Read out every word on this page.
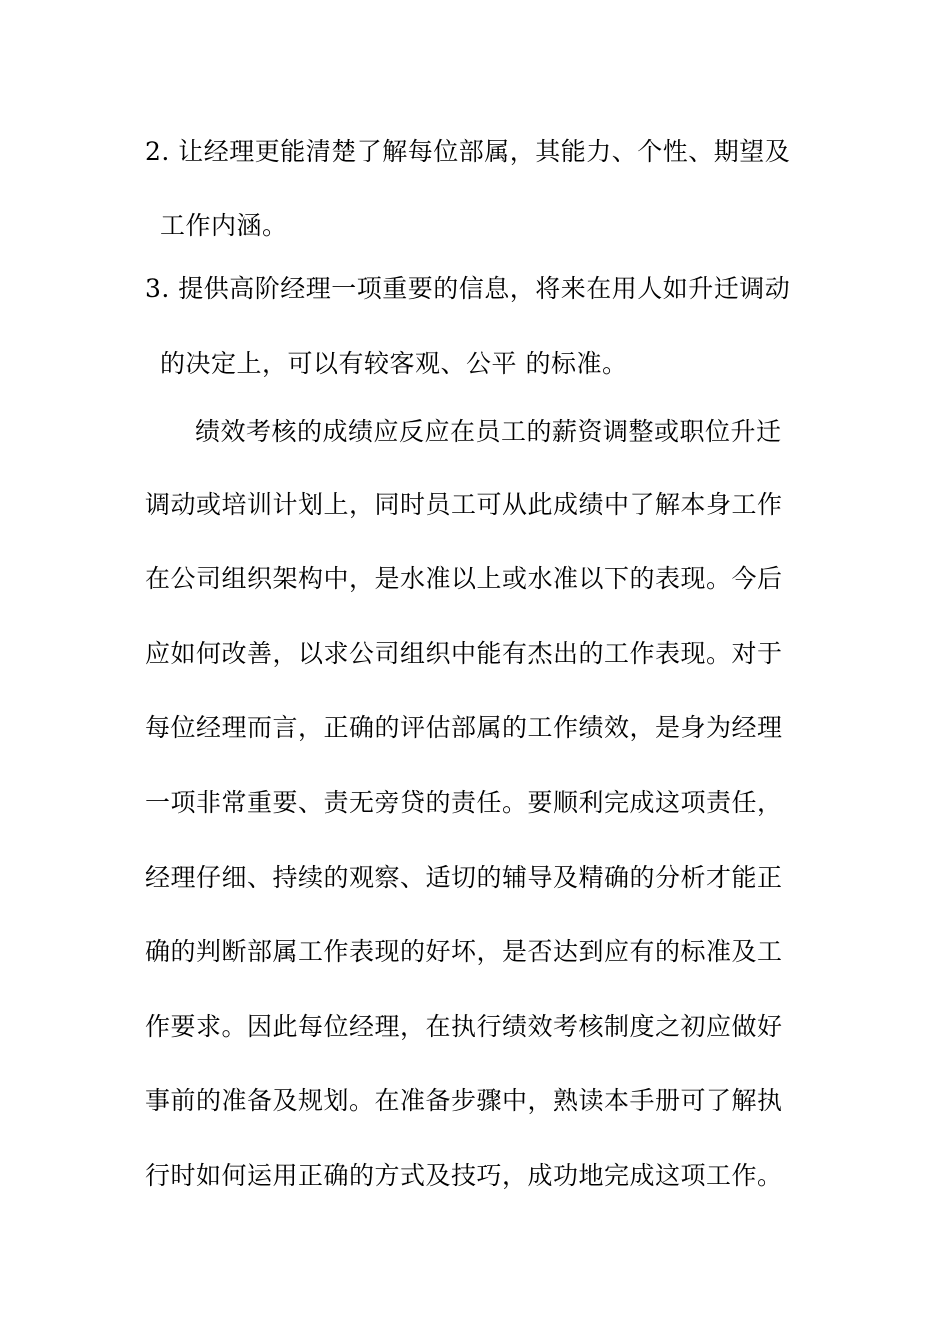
2. 让经理更能清楚了解每位部属，其能力、个性、期望及
工作内涵。
3. 提供高阶经理一项重要的信息，将来在用人如升迁调动
的决定上，可以有较客观、公平 的标准。
绩效考核的成绩应反应在员工的薪资调整或职位升迁
调动或培训计划上，同时员工可从此成绩中了解本身工作
在公司组织架构中，是水准以上或水准以下的表现。今后
应如何改善，以求公司组织中能有杰出的工作表现。对于
每位经理而言，正确的评估部属的工作绩效，是身为经理
一项非常重要、责无旁贷的责任。要顺利完成这项责任，
经理仔细、持续的观察、适切的辅导及精确的分析才能正
确的判断部属工作表现的好坏，是否达到应有的标准及工
作要求。因此每位经理，在执行绩效考核制度之初应做好
事前的准备及规划。在准备步骤中，熟读本手册可了解执
行时如何运用正确的方式及技巧，成功地完成这项工作。
